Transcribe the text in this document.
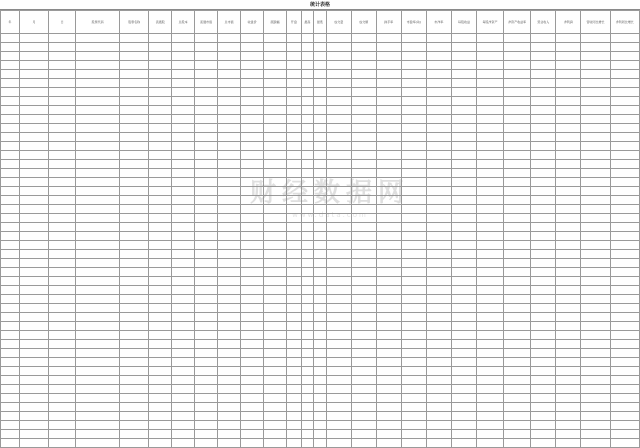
统计表格
年	月	日	股票代码	股票名称	流通股	总股本	流通市值	总市值	收盘价	涨跌幅	开盘	最高	最低	成交量	成交额	换手率	市盈率(动)	市净率	每股收益	每股净资产	净资产收益率	营业收入	净利润	营收同比增长	净利同比增长

财经数据网
www.data.com
